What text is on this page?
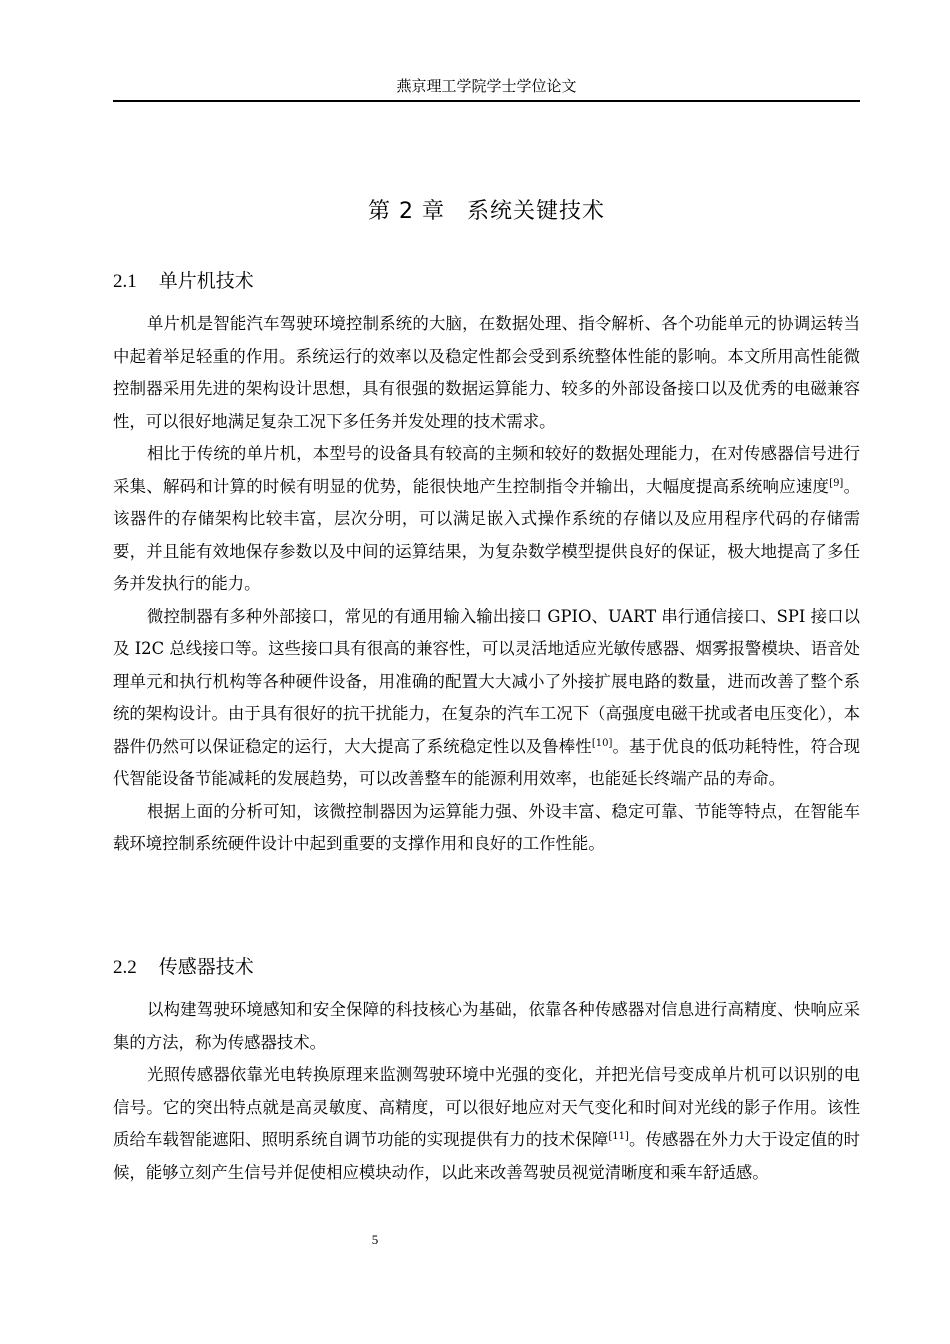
燕京理工学院学士学位论文
第 2 章 系统关键技术
2.1 单片机技术

单片机是智能汽车驾驶环境控制系统的大脑，在数据处理、指令解析、各个功能单元的协调运转当中起着举足轻重的作用。系统运行的效率以及稳定性都会受到系统整体性能的影响。本文所用高性能微控制器采用先进的架构设计思想，具有很强的数据运算能力、较多的外部设备接口以及优秀的电磁兼容性，可以很好地满足复杂工况下多任务并发处理的技术需求。

相比于传统的单片机，本型号的设备具有较高的主频和较好的数据处理能力，在对传感器信号进行采集、解码和计算的时候有明显的优势，能很快地产生控制指令并输出，大幅度提高系统响应速度[9]。该器件的存储架构比较丰富，层次分明，可以满足嵌入式操作系统的存储以及应用程序代码的存储需要，并且能有效地保存参数以及中间的运算结果，为复杂数学模型提供良好的保证，极大地提高了多任务并发执行的能力。

微控制器有多种外部接口，常见的有通用输入输出接口 GPIO、UART 串行通信接口、SPI 接口以及 I2C 总线接口等。这些接口具有很高的兼容性，可以灵活地适应光敏传感器、烟雾报警模块、语音处理单元和执行机构等各种硬件设备，用准确的配置大大减小了外接扩展电路的数量，进而改善了整个系统的架构设计。由于具有很好的抗干扰能力，在复杂的汽车工况下（高强度电磁干扰或者电压变化），本器件仍然可以保证稳定的运行，大大提高了系统稳定性以及鲁棒性[10]。基于优良的低功耗特性，符合现代智能设备节能减耗的发展趋势，可以改善整车的能源利用效率，也能延长终端产品的寿命。

根据上面的分析可知，该微控制器因为运算能力强、外设丰富、稳定可靠、节能等特点，在智能车载环境控制系统硬件设计中起到重要的支撑作用和良好的工作性能。

2.2 传感器技术

以构建驾驶环境感知和安全保障的科技核心为基础，依靠各种传感器对信息进行高精度、快响应采集的方法，称为传感器技术。

光照传感器依靠光电转换原理来监测驾驶环境中光强的变化，并把光信号变成单片机可以识别的电信号。它的突出特点就是高灵敏度、高精度，可以很好地应对天气变化和时间对光线的影子作用。该性质给车载智能遮阳、照明系统自调节功能的实现提供有力的技术保障[11]。传感器在外力大于设定值的时候，能够立刻产生信号并促使相应模块动作，以此来改善驾驶员视觉清晰度和乘车舒适感。

5
